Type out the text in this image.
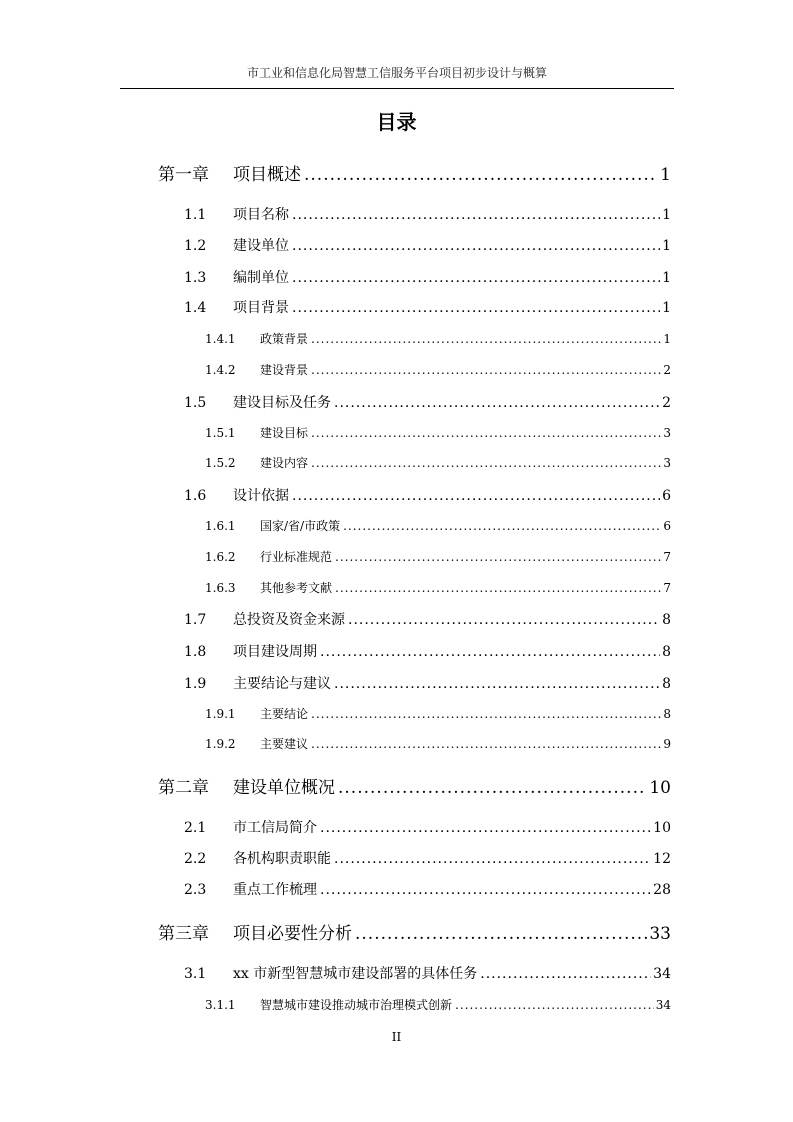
市工业和信息化局智慧工信服务平台项目初步设计与概算
目录
第一章	项目概述 .....	1
1.1	项目名称 .....	1
1.2	建设单位 .....	1
1.3	编制单位 .....	1
1.4	项目背景 .....	1
1.4.1	政策背景 .....	1
1.4.2	建设背景 .....	2
1.5	建设目标及任务 .....	2
1.5.1	建设目标 .....	3
1.5.2	建设内容 .....	3
1.6	设计依据 .....	6
1.6.1	国家/省/市政策 .....	6
1.6.2	行业标准规范 .....	7
1.6.3	其他参考文献 .....	7
1.7	总投资及资金来源 .....	8
1.8	项目建设周期 .....	8
1.9	主要结论与建议 .....	8
1.9.1	主要结论 .....	8
1.9.2	主要建议 .....	9
第二章	建设单位概况 .....	10
2.1	市工信局简介 .....	10
2.2	各机构职责职能 .....	12
2.3	重点工作梳理 .....	28
第三章	项目必要性分析 .....	33
3.1	xx 市新型智慧城市建设部署的具体任务 .....	34
3.1.1	智慧城市建设推动城市治理模式创新 .....	34
II
